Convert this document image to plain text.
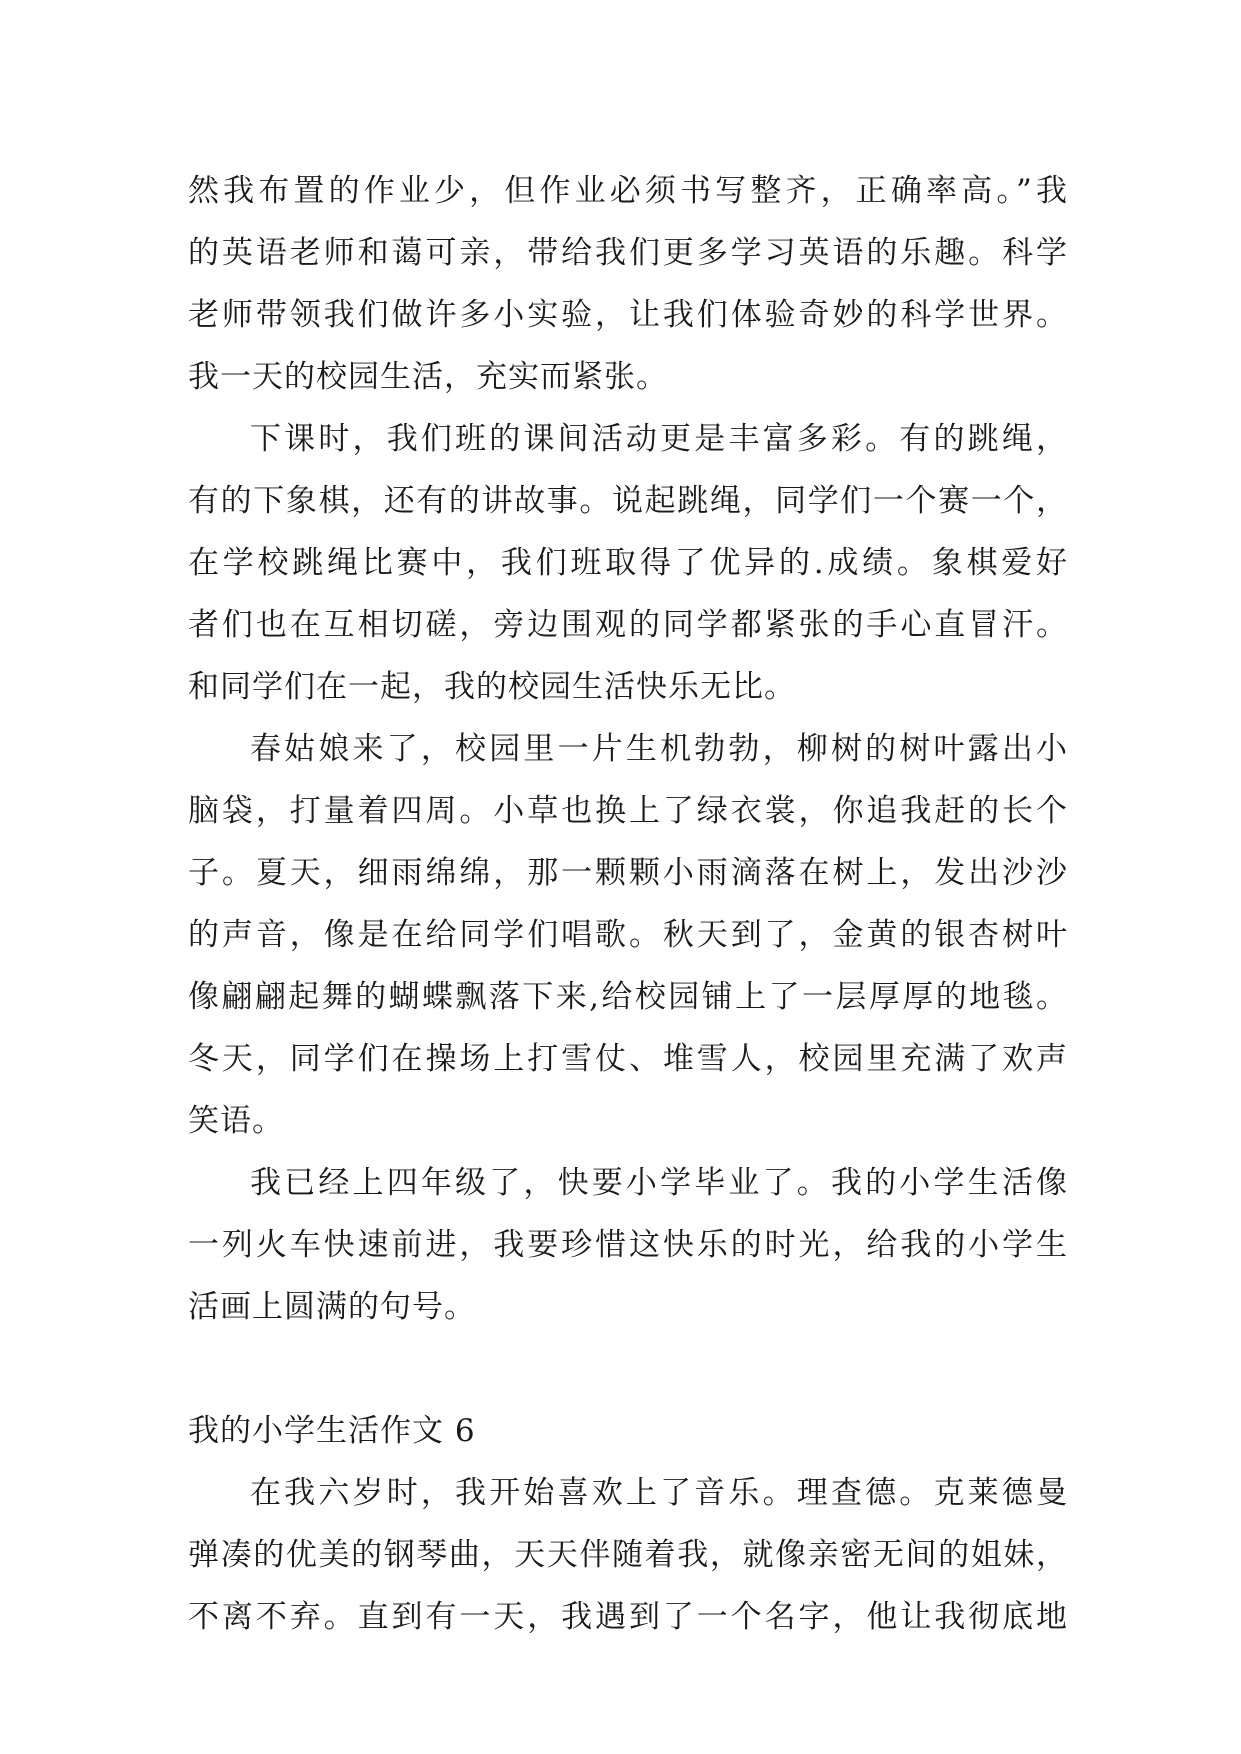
然我布置的作业少，但作业必须书写整齐，正确率高。”我
的英语老师和蔼可亲，带给我们更多学习英语的乐趣。科学
老师带领我们做许多小实验，让我们体验奇妙的科学世界。
我一天的校园生活，充实而紧张。
下课时，我们班的课间活动更是丰富多彩。有的跳绳，
有的下象棋，还有的讲故事。说起跳绳，同学们一个赛一个，
在学校跳绳比赛中，我们班取得了优异的.成绩。象棋爱好
者们也在互相切磋，旁边围观的同学都紧张的手心直冒汗。
和同学们在一起，我的校园生活快乐无比。
春姑娘来了，校园里一片生机勃勃，柳树的树叶露出小
脑袋，打量着四周。小草也换上了绿衣裳，你追我赶的长个
子。夏天，细雨绵绵，那一颗颗小雨滴落在树上，发出沙沙
的声音，像是在给同学们唱歌。秋天到了，金黄的银杏树叶
像翩翩起舞的蝴蝶飘落下来,给校园铺上了一层厚厚的地毯。
冬天，同学们在操场上打雪仗、堆雪人，校园里充满了欢声
笑语。
我已经上四年级了，快要小学毕业了。我的小学生活像
一列火车快速前进，我要珍惜这快乐的时光，给我的小学生
活画上圆满的句号。
我的小学生活作文 6
在我六岁时，我开始喜欢上了音乐。理查德。克莱德曼
弹凑的优美的钢琴曲，天天伴随着我，就像亲密无间的姐妹，
不离不弃。直到有一天，我遇到了一个名字，他让我彻底地
